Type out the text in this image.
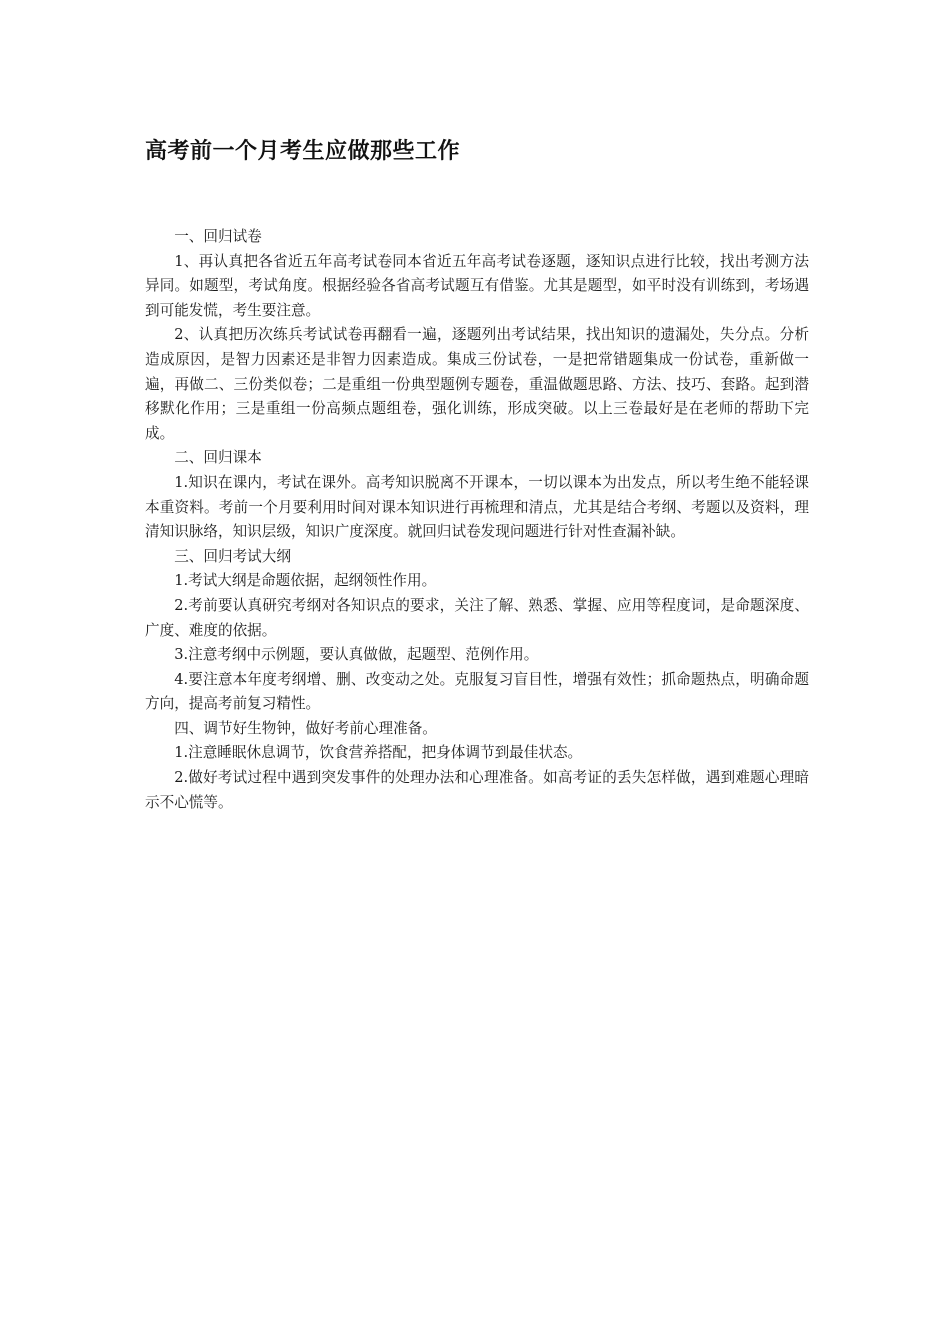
高考前一个月考生应做那些工作

一、回归试卷

1、再认真把各省近五年高考试卷同本省近五年高考试卷逐题，逐知识点进行比较，找出考测方法异同。如题型，考试角度。根据经验各省高考试题互有借鉴。尤其是题型，如平时没有训练到，考场遇到可能发慌，考生要注意。

2、认真把历次练兵考试试卷再翻看一遍，逐题列出考试结果，找出知识的遗漏处，失分点。分析造成原因，是智力因素还是非智力因素造成。集成三份试卷，一是把常错题集成一份试卷，重新做一遍，再做二、三份类似卷；二是重组一份典型题例专题卷，重温做题思路、方法、技巧、套路。起到潜移默化作用；三是重组一份高频点题组卷，强化训练，形成突破。以上三卷最好是在老师的帮助下完成。

二、回归课本

1.知识在课内，考试在课外。高考知识脱离不开课本，一切以课本为出发点，所以考生绝不能轻课本重资料。考前一个月要利用时间对课本知识进行再梳理和清点，尤其是结合考纲、考题以及资料，理清知识脉络，知识层级，知识广度深度。就回归试卷发现问题进行针对性查漏补缺。

三、回归考试大纲

1.考试大纲是命题依据，起纲领性作用。

2.考前要认真研究考纲对各知识点的要求，关注了解、熟悉、掌握、应用等程度词，是命题深度、广度、难度的依据。

3.注意考纲中示例题，要认真做做，起题型、范例作用。

4.要注意本年度考纲增、删、改变动之处。克服复习盲目性，增强有效性；抓命题热点，明确命题方向，提高考前复习精性。

四、调节好生物钟，做好考前心理准备。

1.注意睡眠休息调节，饮食营养搭配，把身体调节到最佳状态。

2.做好考试过程中遇到突发事件的处理办法和心理准备。如高考证的丢失怎样做，遇到难题心理暗示不心慌等。
